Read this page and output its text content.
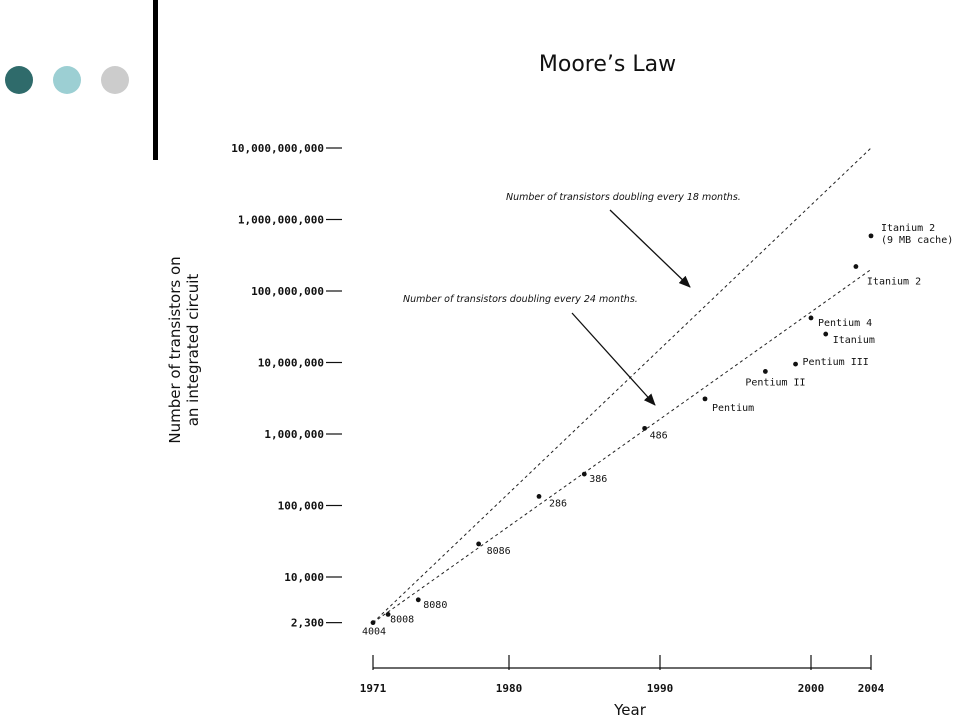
Moore’s Law
Number of transistors onan integrated circuit
2,300
10,000
100,000
1,000,000
10,000,000
100,000,000
1,000,000,000
10,000,000,000
1971	1980	1990	2000	2004
Number of transistors doubling every 18 months.
Number of transistors doubling every 24 months.
4004
8008
8080
8086
286
386
486
Pentium
Pentium II
Pentium III
Pentium 4
Itanium
Itanium 2
Itanium 2 (9 MB cache)
Year
